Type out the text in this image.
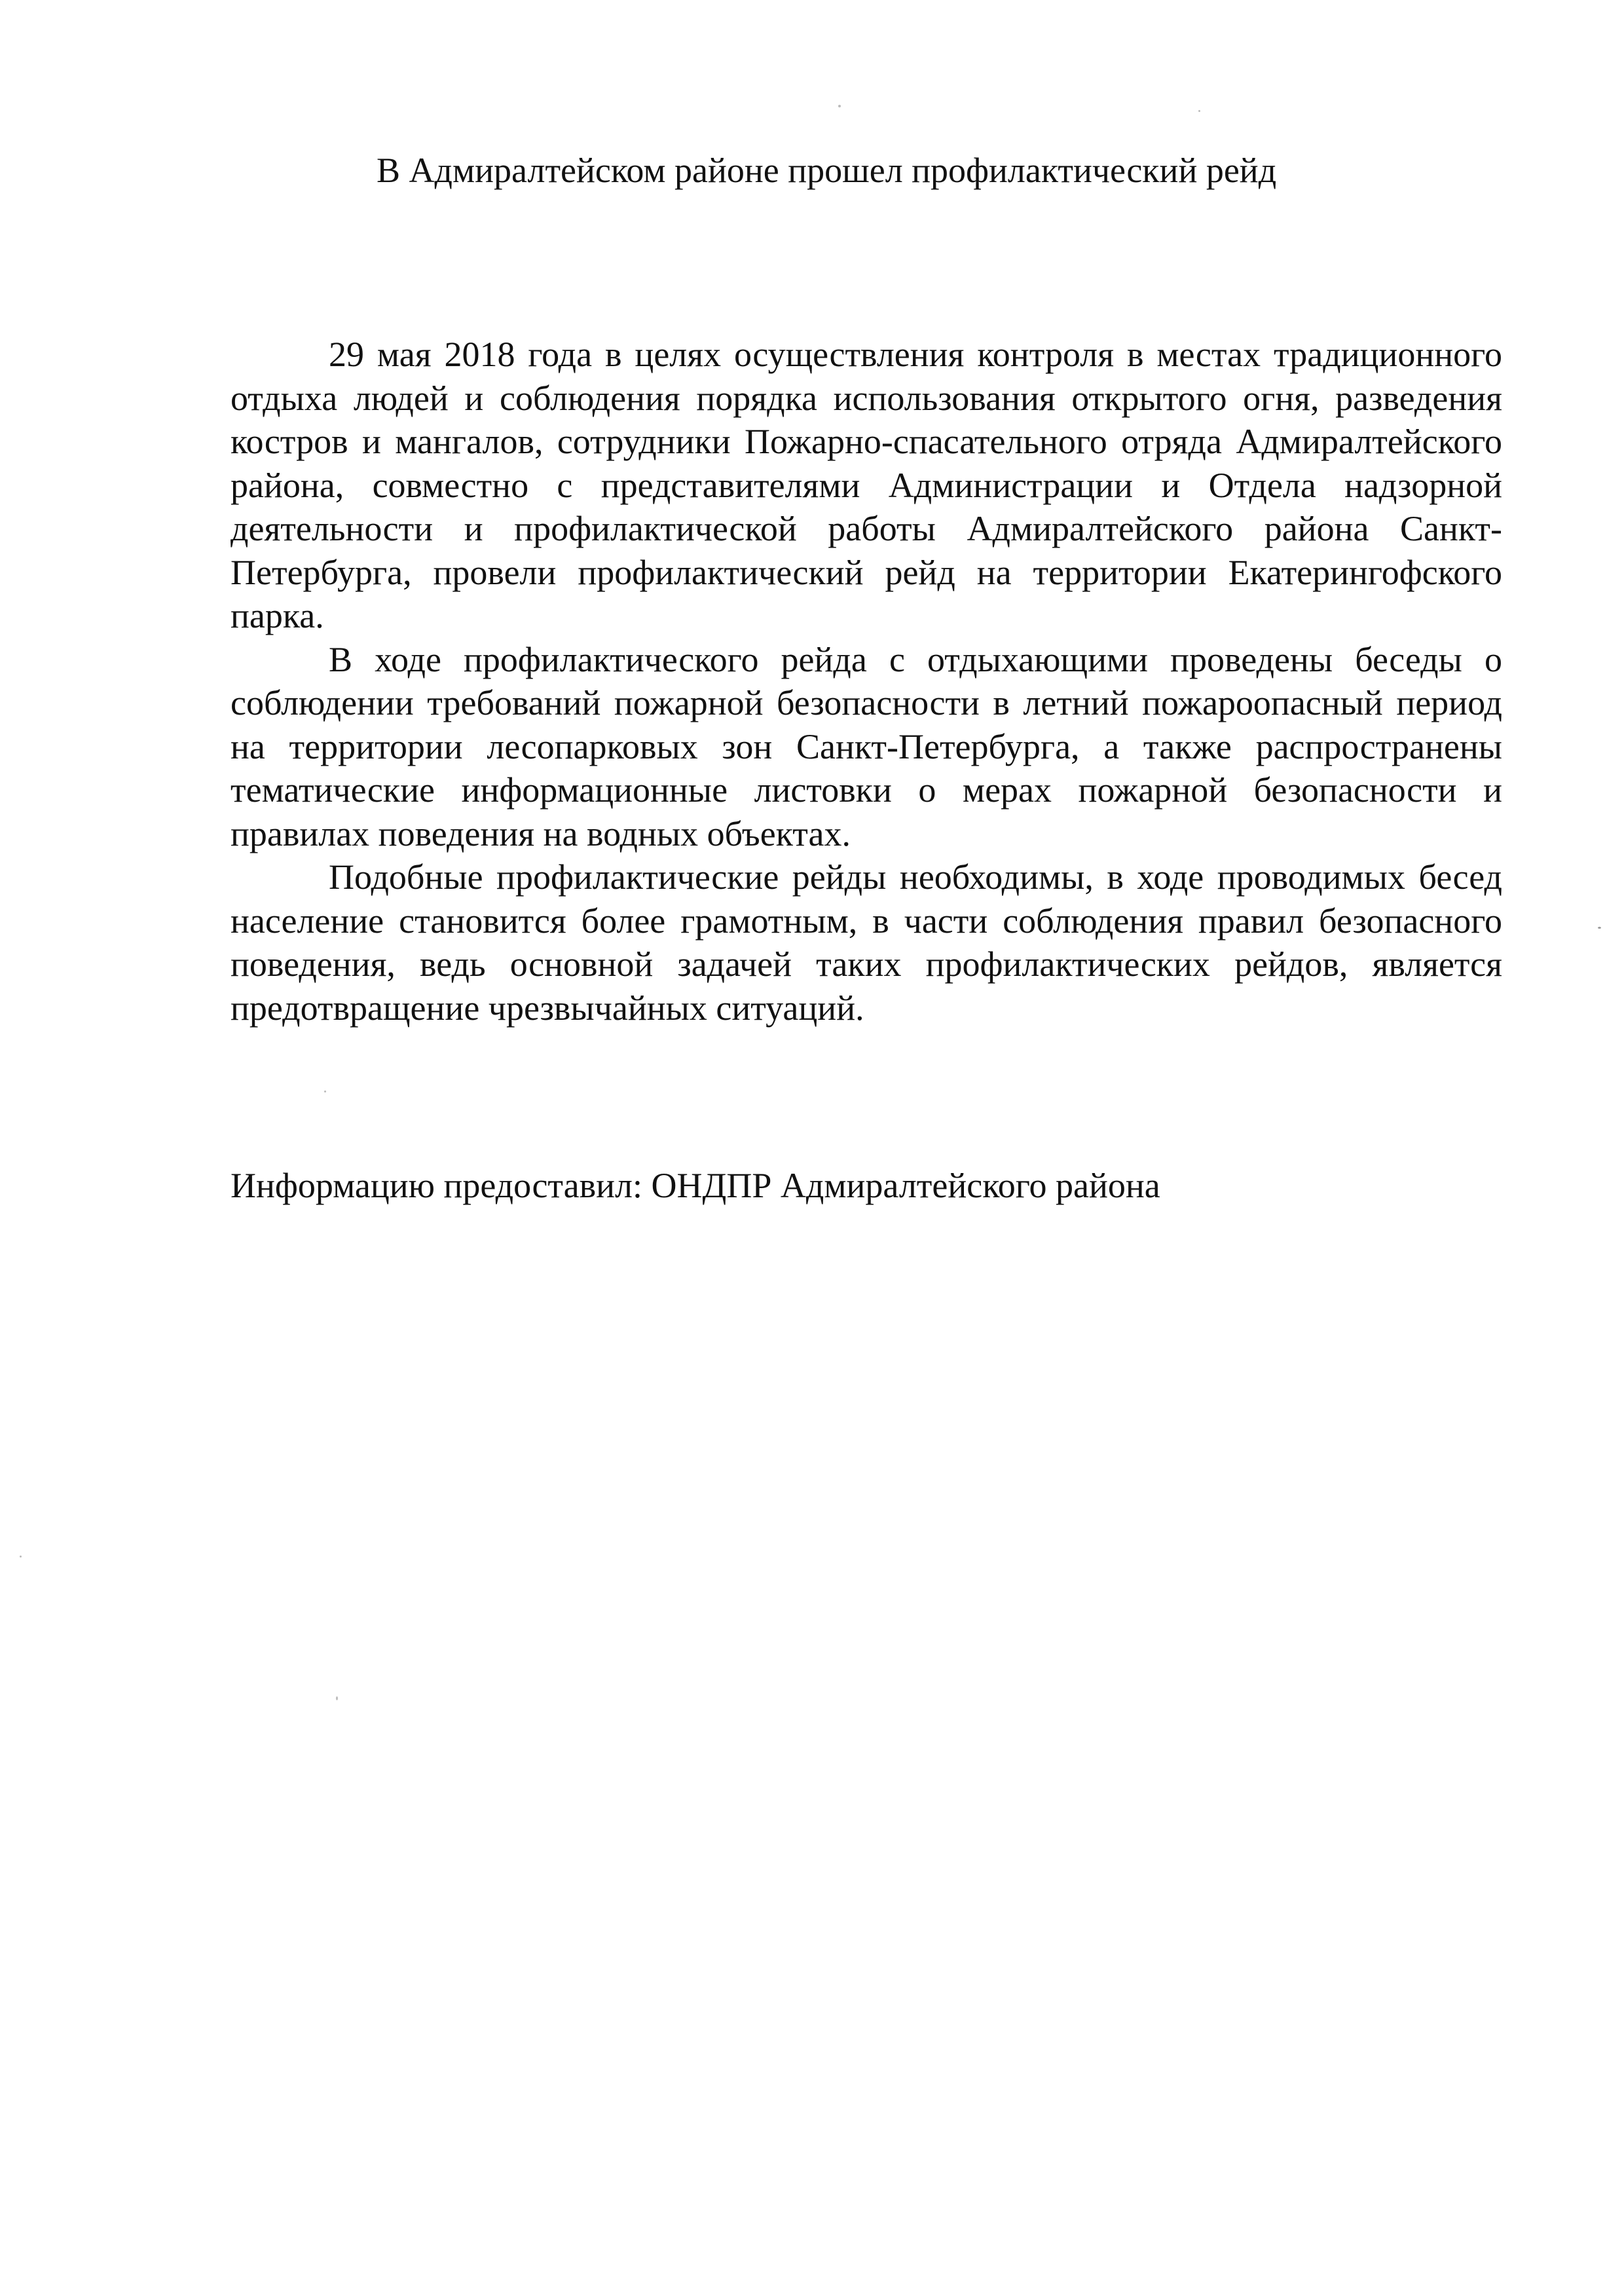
В Адмиралтейском районе прошел профилактический рейд

29 мая 2018 года в целях осуществления контроля в местах традиционного отдыха людей и соблюдения порядка использования открытого огня, разведения костров и мангалов, сотрудники Пожарно-спасательного отряда Адмиралтейского района, совместно с представителями Администрации и Отдела надзорной деятельности и профилактической работы Адмиралтейского района Санкт-Петербурга, провели профилактический рейд на территории Екатерингофского парка.

В ходе профилактического рейда с отдыхающими проведены беседы о соблюдении требований пожарной безопасности в летний пожароопасный период на территории лесопарковых зон Санкт-Петербурга, а также распространены тематические информационные листовки о мерах пожарной безопасности и правилах поведения на водных объектах.

Подобные профилактические рейды необходимы, в ходе проводимых бесед население становится более грамотным, в части соблюдения правил безопасного поведения, ведь основной задачей таких профилактических рейдов, является предотвращение чрезвычайных ситуаций.

Информацию предоставил: ОНДПР Адмиралтейского района
